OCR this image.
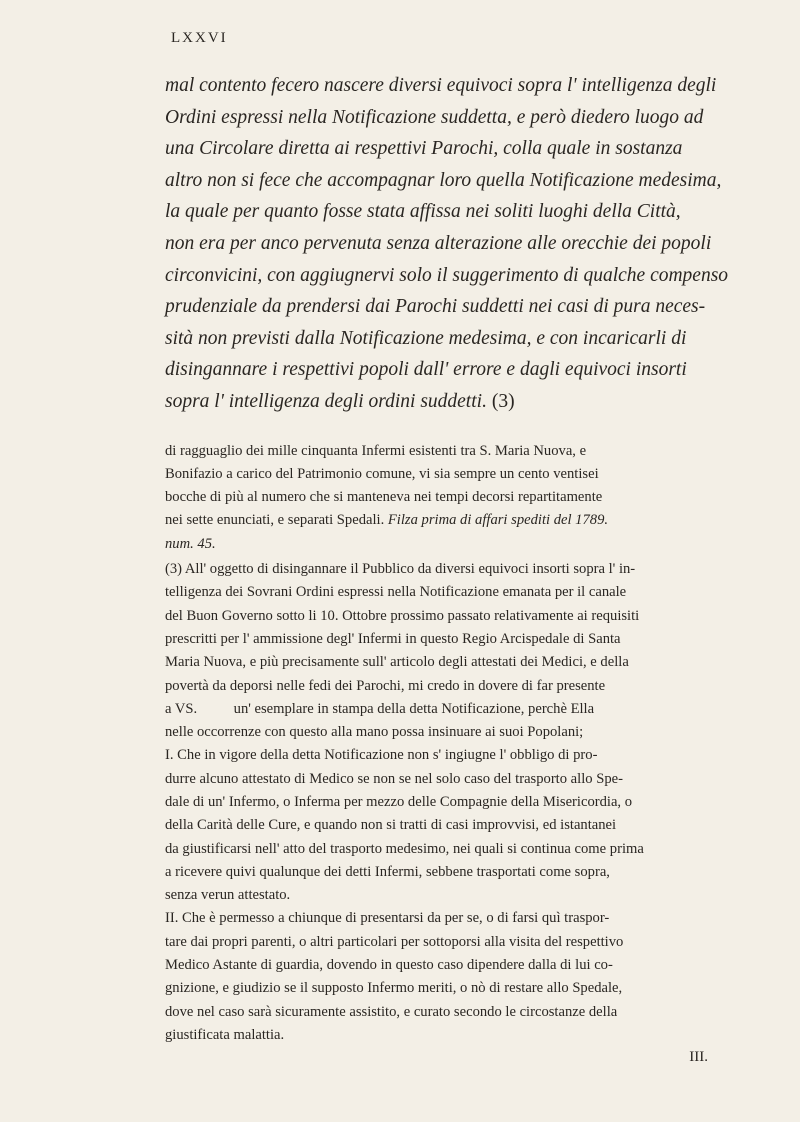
LXXVI
mal contento fecero nascere diversi equivoci sopra l' intelligenza degli
Ordini espressi nella Notificazione suddetta, e però diedero luogo ad
una Circolare diretta ai respettivi Parochi, colla quale in sostanza
altro non si fece che accompagnar loro quella Notificazione medesima,
la quale per quanto fosse stata affissa nei soliti luoghi della Città,
non era per anco pervenuta senza alterazione alle orecchie dei popoli
circonvicini, con aggiugnervi solo il suggerimento di qualche compenso
prudenziale da prendersi dai Parochi suddetti nei casi di pura neces-
sità non previsti dalla Notificazione medesima, e con incaricarli di
disingannare i respettivi popoli dall' errore e dagli equivoci insorti
sopra l' intelligenza degli ordini suddetti. (3)
di ragguaglio dei mille cinquanta Infermi esistenti tra S. Maria Nuova, e
Bonifazio a carico del Patrimonio comune, vi sia sempre un cento ventisei
bocche di più al numero che si manteneva nei tempi decorsi repartitamente
nei sette enunciati, e separati Spedali. Filza prima di affari spediti del 1789.
num. 45.
(3) All' oggetto di disingannare il Pubblico da diversi equivoci insorti sopra l' in-
telligenza dei Sovrani Ordini espressi nella Notificazione emanata per il canale
del Buon Governo sotto li 10. Ottobre prossimo passato relativamente ai requisiti
prescritti per l' ammissione degl' Infermi in questo Regio Arcispedale di Santa
Maria Nuova, e più precisamente sull' articolo degli attestati dei Medici, e della
povertà da deporsi nelle fedi dei Parochi, mi credo in dovere di far presente
a VS.          un' esemplare in stampa della detta Notificazione, perchè Ella
nelle occorrenze con questo alla mano possa insinuare ai suoi Popolani;
I. Che in vigore della detta Notificazione non s' ingiugne l' obbligo di pro-
durre alcuno attestato di Medico se non se nel solo caso del trasporto allo Spe-
dale di un' Infermo, o Inferma per mezzo delle Compagnie della Misericordia, o
della Carità delle Cure, e quando non si tratti di casi improvvisi, ed istantanei
da giustificarsi nell' atto del trasporto medesimo, nei quali si continua come prima
a ricevere quivi qualunque dei detti Infermi, sebbene trasportati come sopra,
senza verun attestato.
II. Che è permesso a chiunque di presentarsi da per se, o di farsi quì traspor-
tare dai propri parenti, o altri particolari per sottoporsi alla visita del respettivo
Medico Astante di guardia, dovendo in questo caso dipendere dalla di lui co-
gnizione, e giudizio se il supposto Infermo meriti, o nò di restare allo Spedale,
dove nel caso sarà sicuramente assistito, e curato secondo le circostanze della
giustificata malattia.
III.
